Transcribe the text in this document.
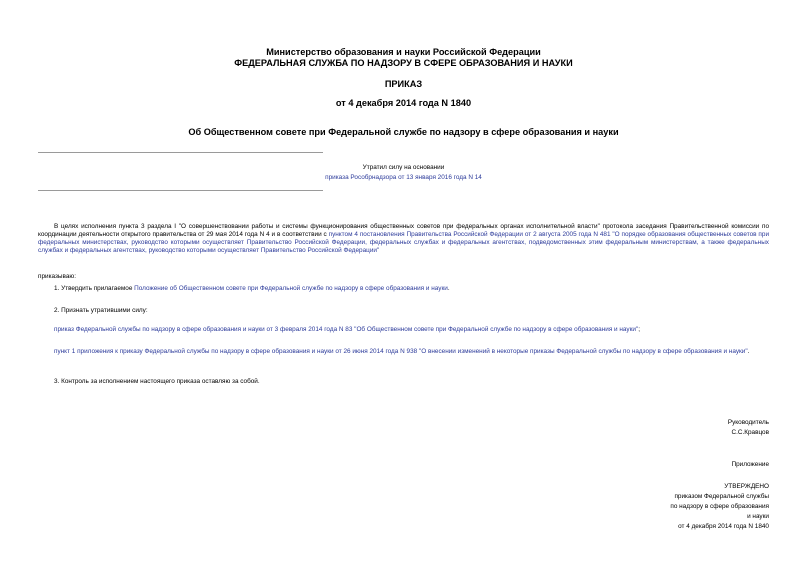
Министерство образования и науки Российской Федерации
ФЕДЕРАЛЬНАЯ СЛУЖБА ПО НАДЗОРУ В СФЕРЕ ОБРАЗОВАНИЯ И НАУКИ
ПРИКАЗ
от 4 декабря 2014 года N 1840
Об Общественном совете при Федеральной службе по надзору в сфере образования и науки
Утратил силу на основании
приказа Рособрнадзора от 13 января 2016 года N 14
В целях исполнения пункта 3 раздела I "О совершенствовании работы и системы функционирования общественных советов при федеральных органах исполнительной власти" протокола заседания Правительственной комиссии по координации деятельности открытого правительства от 29 мая 2014 года N 4 и в соответствии с пунктом 4 постановления Правительства Российской Федерации от 2 августа 2005 года N 481 "О порядке образования общественных советов при федеральных министерствах, руководство которыми осуществляет Правительство Российской Федерации, федеральных службах и федеральных агентствах, подведомственных этим федеральным министерствам, а также федеральных службах и федеральных агентствах, руководство которыми осуществляет Правительство Российской Федерации"
приказываю:
1. Утвердить прилагаемое Положение об Общественном совете при Федеральной службе по надзору в сфере образования и науки.
2. Признать утратившими силу:
приказ Федеральной службы по надзору в сфере образования и науки от 3 февраля 2014 года N 83 "Об Общественном совете при Федеральной службе по надзору в сфере образования и науки";
пункт 1 приложения к приказу Федеральной службы по надзору в сфере образования и науки от 26 июня 2014 года N 938 "О внесении изменений в некоторые приказы Федеральной службы по надзору в сфере образования и науки".
3. Контроль за исполнением настоящего приказа оставляю за собой.
Руководитель
С.С.Кравцов
Приложение
УТВЕРЖДЕНО
приказом Федеральной службы
по надзору в сфере образования
и науки
от 4 декабря 2014 года N 1840
